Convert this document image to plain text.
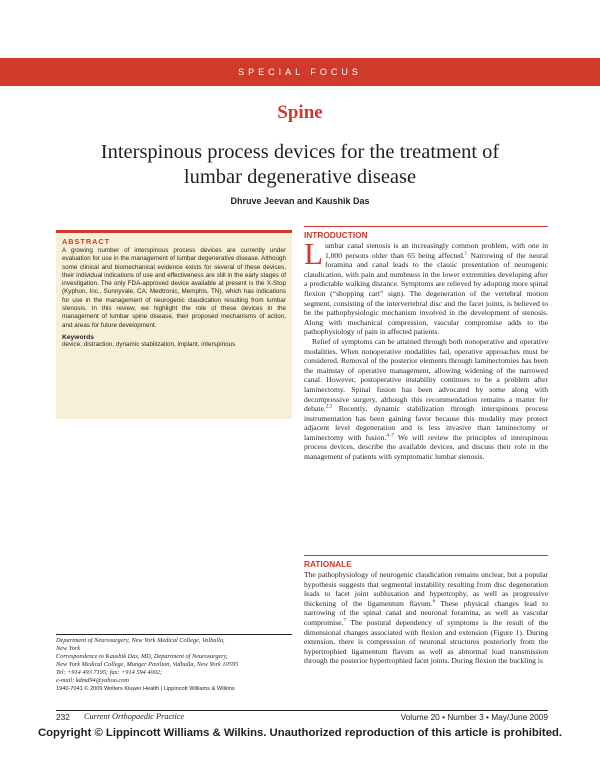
SPECIAL FOCUS
Spine
Interspinous process devices for the treatment of
lumbar degenerative disease
Dhruve Jeevan and Kaushik Das
ABSTRACT
A growing number of interspinous process devices are currently under evaluation for use in the management of lumbar degenerative disease. Although some clinical and biomechanical evidence exists for several of these devices, their individual indications of use and effectiveness are still in the early stages of investigation. The only FDA-approved device available at present is the X-Stop (Kyphon, Inc., Sunnyvale, CA; Medtronic, Memphis, TN), which has indications for use in the management of neurogenic claudication resulting from lumbar stenosis. In this review, we highlight the role of these devices in the management of lumbar spine disease, their proposed mechanisms of action, and areas for future development.
Keywords
device, distraction, dynamic stabilization, implant, interspinous
INTRODUCTION

Lumbar canal stenosis is an increasingly common problem, with one in 1,000 persons older than 65 being affected.$^1$ Narrowing of the neural foramina and canal leads to the classic presentation of neurogenic claudication, with pain and numbness in the lower extremities developing after a predictable walking distance. Symptoms are relieved by adopting more spinal flexion (“shopping cart” sign). The degeneration of the vertebral motion segment, consisting of the intervertebral disc and the facet joints, is believed to be the pathophysiologic mechanism involved in the development of stenosis. Along with mechanical compression, vascular compromise adds to the pathophysiology of pain in affected patients.

Relief of symptoms can be attained through both nonoperative and operative modalities. When nonoperative modalities fail, operative approaches must be considered. Removal of the posterior elements through laminectomies has been the mainstay of operative management, allowing widening of the narrowed canal. However, postoperative instability continues to be a problem after laminectomy. Spinal fusion has been advocated by some along with decompressive surgery, although this recommendation remains a matter for debate.$^{2,3}$ Recently, dynamic stabilization through interspinous process instrumentation has been gaining favor because this modality may protect adjacent level degeneration and is less invasive than laminectomy or laminectomy with fusion.$^{4-7}$ We will review the principles of interspinous process devices, describe the available devices, and discuss their role in the management of patients with symptomatic lumbar stenosis.

RATIONALE

The pathophysiology of neurogenic claudication remains unclear, but a popular hypothesis suggests that segmental instability resulting from disc degeneration leads to facet joint subluxation and hypertrophy, as well as progressive thickening of the ligamentum flavum.$^6$ These physical changes lead to narrowing of the spinal canal and neuronal foramina, as well as vascular compromise.$^7$ The postural dependency of symptoms is the result of the dimensional changes associated with flexion and extension (Figure 1). During extension, there is compression of neuronal structures posteriorly from the hypertrophied ligamentum flavum as well as abnormal load transmission through the posterior hypertrophied facet joints. During flexion the buckling is

Department of Neurosurgery, New York Medical College, Valhalla,

New York

Correspondence to Kaushik Das, MD, Department of Neurosurgery,

New York Medical College, Munger Pavilion, Valhalla, New York 10595

Tel: +914 493 7195; fax: +914 594 4002;

e-mail: kdmd94@yahoo.com

1940-7041 © 2009 Wolters Kluwer Health | Lippincott Williams & Wilkins

232 Current Orthopaedic Practice	Volume 20 • Number 3 • May/June 2009
Copyright © Lippincott Williams & Wilkins. Unauthorized reproduction of this article is prohibited.
